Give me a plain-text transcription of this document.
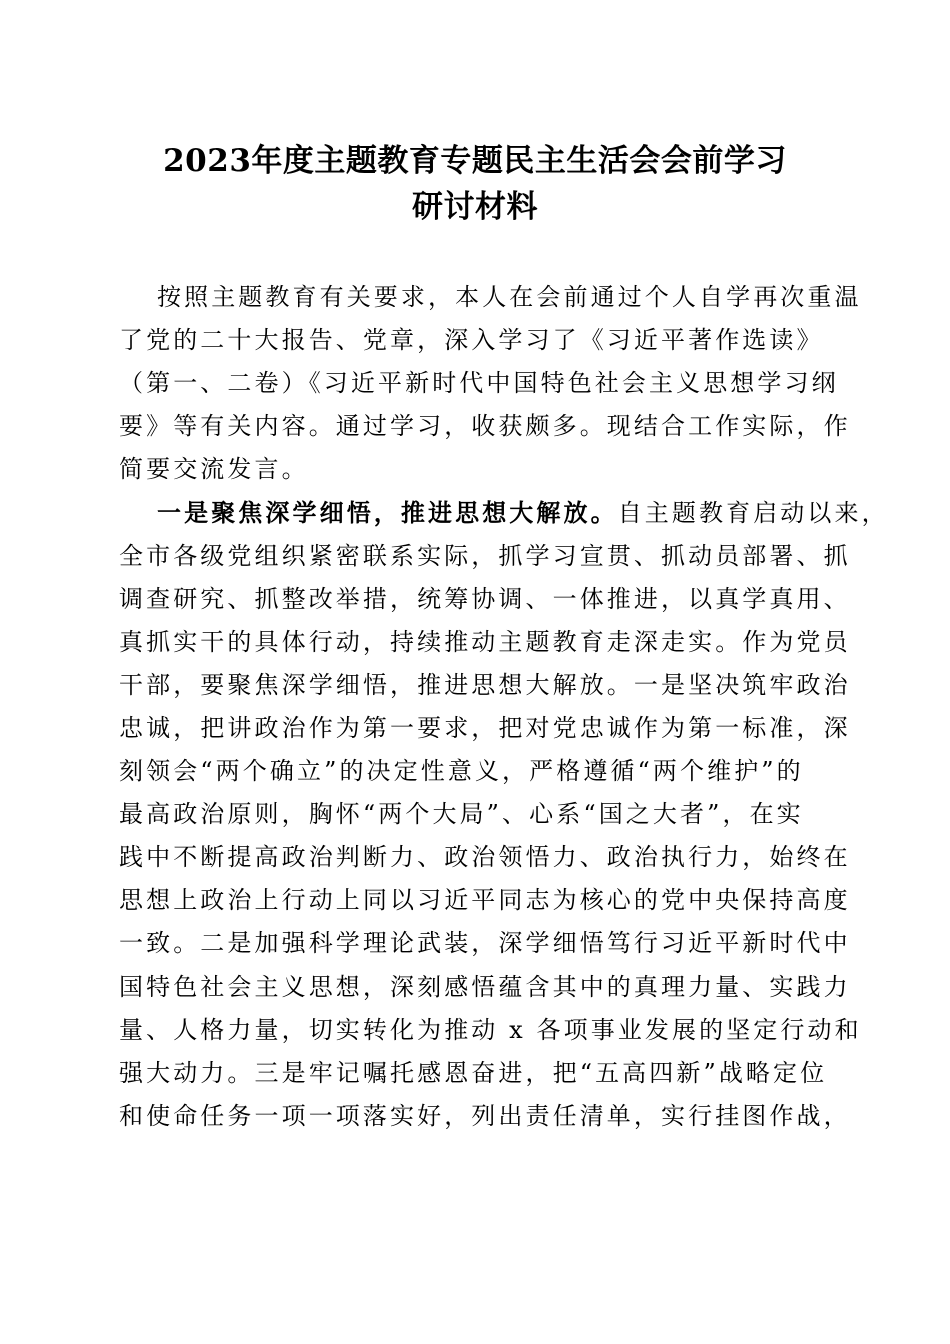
2023年度主题教育专题民主生活会会前学习
研讨材料
按照主题教育有关要求，本人在会前通过个人自学再次重温
了党的二十大报告、党章，深入学习了《习近平著作选读》
（第一、二卷）《习近平新时代中国特色社会主义思想学习纲
要》等有关内容。通过学习，收获颇多。现结合工作实际，作
简要交流发言。
一是聚焦深学细悟，推进思想大解放。自主题教育启动以来，
全市各级党组织紧密联系实际，抓学习宣贯、抓动员部署、抓
调查研究、抓整改举措，统筹协调、一体推进，以真学真用、
真抓实干的具体行动，持续推动主题教育走深走实。作为党员
干部，要聚焦深学细悟，推进思想大解放。一是坚决筑牢政治
忠诚，把讲政治作为第一要求，把对党忠诚作为第一标准，深
刻领会“两个确立”的决定性意义，严格遵循“两个维护”的
最高政治原则，胸怀“两个大局”、心系“国之大者”，在实
践中不断提高政治判断力、政治领悟力、政治执行力，始终在
思想上政治上行动上同以习近平同志为核心的党中央保持高度
一致。二是加强科学理论武装，深学细悟笃行习近平新时代中
国特色社会主义思想，深刻感悟蕴含其中的真理力量、实践力
量、人格力量，切实转化为推动 x 各项事业发展的坚定行动和
强大动力。三是牢记嘱托感恩奋进，把“五高四新”战略定位
和使命任务一项一项落实好，列出责任清单，实行挂图作战，
